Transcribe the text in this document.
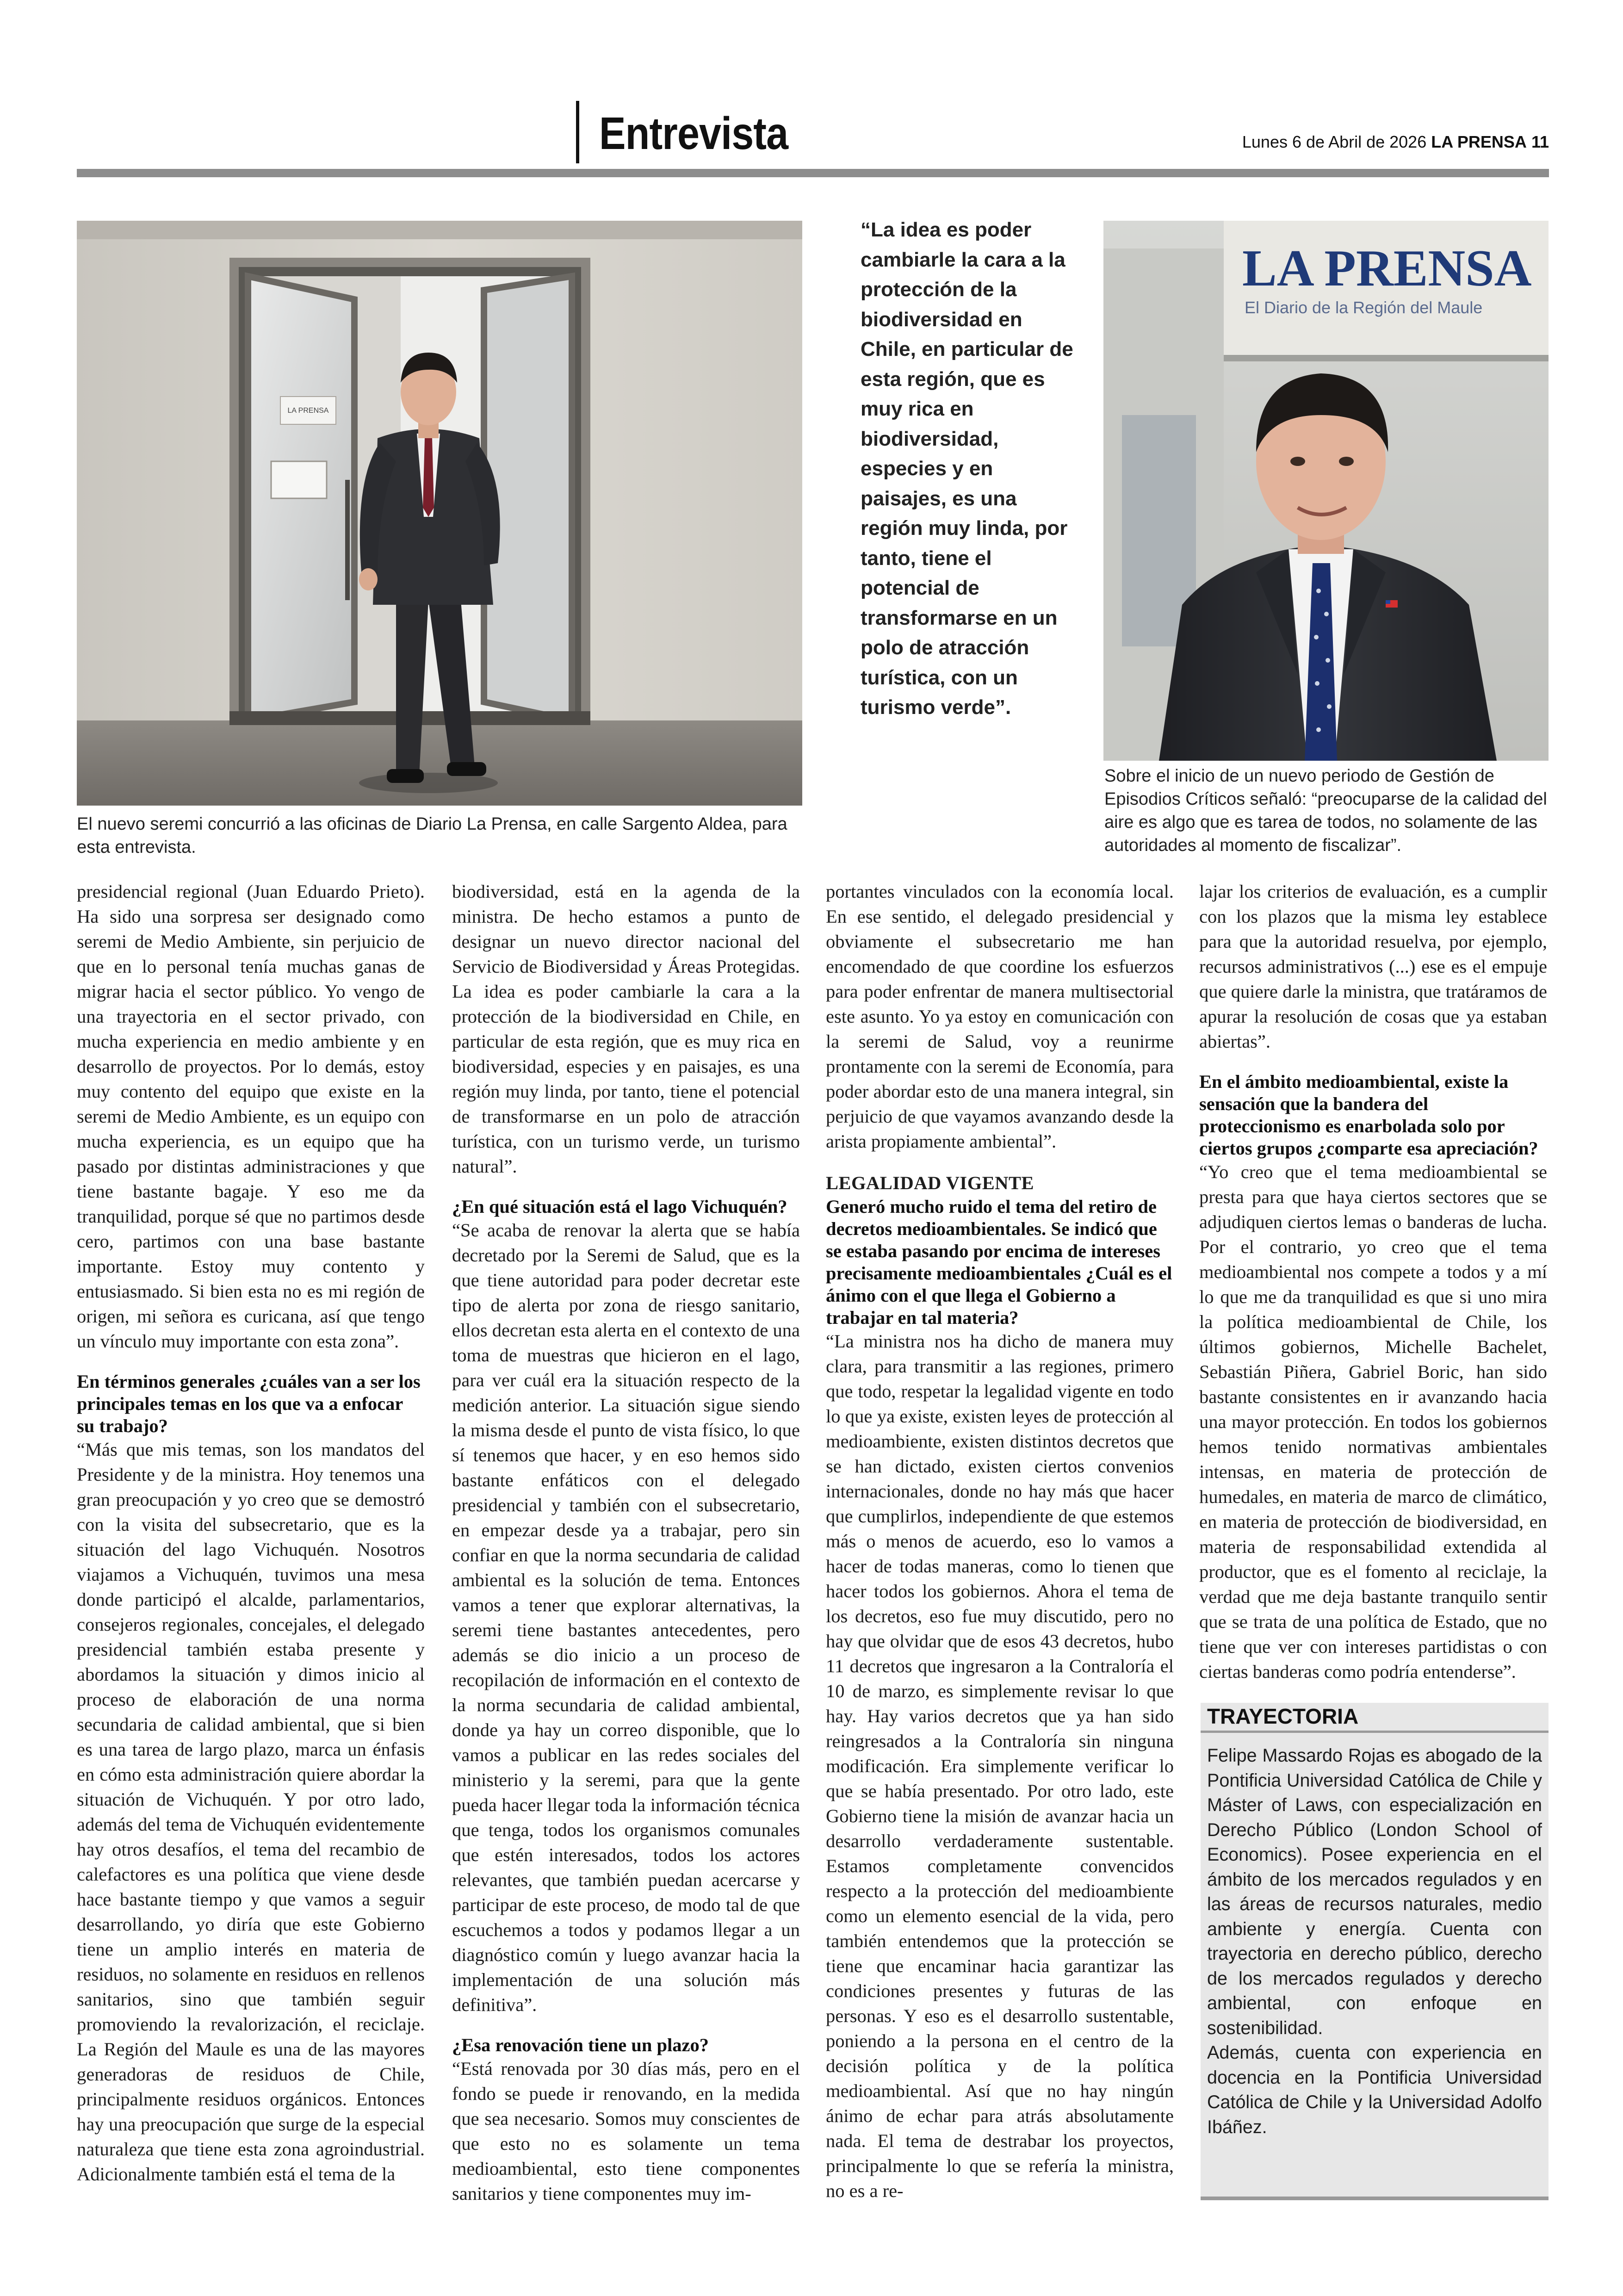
Entrevista	Lunes 6 de Abril de 2026 LA PRENSA 11
LA PRENSA
El nuevo seremi concurrió a las oficinas de Diario La Prensa, en calle Sargento Aldea, para esta entrevista.
“La idea es poder cambiarle la cara a la protección de la biodiversidad en Chile, en particular de esta región, que es muy rica en biodiversidad, especies y en paisajes, es una región muy linda, por tanto, tiene el potencial de transformarse en un polo de atracción turística, con un turismo verde”.
LA PRENSA
El Diario de la Región del Maule
Sobre el inicio de un nuevo periodo de Gestión de Episodios Críticos señaló: “preocuparse de la calidad del aire es algo que es tarea de todos, no solamente de las autoridades al momento de fiscalizar”.

presidencial regional (Juan Eduardo Prieto). Ha sido una sorpresa ser designado como seremi de Medio Ambiente, sin perjuicio de que en lo personal tenía muchas ganas de migrar hacia el sector público. Yo vengo de una trayectoria en el sector privado, con mucha experiencia en medio ambiente y en desarrollo de proyectos. Por lo demás, estoy muy contento del equipo que existe en la seremi de Medio Ambiente, es un equipo con mucha experiencia, es un equipo que ha pasado por distintas administraciones y que tiene bastante bagaje. Y eso me da tranquilidad, porque sé que no partimos desde cero, partimos con una base bastante importante. Estoy muy contento y entusiasmado. Si bien esta no es mi región de origen, mi señora es curicana, así que tengo un vínculo muy importante con esta zona”.

En términos generales ¿cuáles van a ser los principales temas en los que va a enfocar su trabajo?

“Más que mis temas, son los mandatos del Presidente y de la ministra. Hoy tenemos una gran preocupación y yo creo que se demostró con la visita del subsecretario, que es la situación del lago Vichuquén. Nosotros viajamos a Vichuquén, tuvimos una mesa donde participó el alcalde, parlamentarios, consejeros regionales, concejales, el delegado presidencial también estaba presente y abordamos la situación y dimos inicio al proceso de elaboración de una norma secundaria de calidad ambiental, que si bien es una tarea de largo plazo, marca un énfasis en cómo esta administración quiere abordar la situación de Vichuquén. Y por otro lado, además del tema de Vichuquén evidentemente hay otros desafíos, el tema del recambio de calefactores es una política que viene desde hace bastante tiempo y que vamos a seguir desarrollando, yo diría que este Gobierno tiene un amplio interés en materia de residuos, no solamente en residuos en rellenos sanitarios, sino que también seguir promoviendo la revalorización, el reciclaje. La Región del Maule es una de las mayores generadoras de residuos de Chile, principalmente residuos orgánicos. Entonces hay una preocupación que surge de la especial naturaleza que tiene esta zona agroindustrial. Adicionalmente también está el tema de la

biodiversidad, está en la agenda de la ministra. De hecho estamos a punto de designar un nuevo director nacional del Servicio de Biodiversidad y Áreas Protegidas. La idea es poder cambiarle la cara a la protección de la biodiversidad en Chile, en particular de esta región, que es muy rica en biodiversidad, especies y en paisajes, es una región muy linda, por tanto, tiene el potencial de transformarse en un polo de atracción turística, con un turismo verde, un turismo natural”.

¿En qué situación está el lago Vichuquén?

“Se acaba de renovar la alerta que se había decretado por la Seremi de Salud, que es la que tiene autoridad para poder decretar este tipo de alerta por zona de riesgo sanitario, ellos decretan esta alerta en el contexto de una toma de muestras que hicieron en el lago, para ver cuál era la situación respecto de la medición anterior. La situación sigue siendo la misma desde el punto de vista físico, lo que sí tenemos que hacer, y en eso hemos sido bastante enfáticos con el delegado presidencial y también con el subsecretario, en empezar desde ya a trabajar, pero sin confiar en que la norma secundaria de calidad ambiental es la solución de tema. Entonces vamos a tener que explorar alternativas, la seremi tiene bastantes antecedentes, pero además se dio inicio a un proceso de recopilación de información en el contexto de la norma secundaria de calidad ambiental, donde ya hay un correo disponible, que lo vamos a publicar en las redes sociales del ministerio y la seremi, para que la gente pueda hacer llegar toda la información técnica que tenga, todos los organismos comunales que estén interesados, todos los actores relevantes, que también puedan acercarse y participar de este proceso, de modo tal de que escuchemos a todos y podamos llegar a un diagnóstico común y luego avanzar hacia la implementación de una solución más definitiva”.

¿Esa renovación tiene un plazo?

“Está renovada por 30 días más, pero en el fondo se puede ir renovando, en la medida que sea necesario. Somos muy conscientes de que esto no es solamente un tema medioambiental, esto tiene componentes sanitarios y tiene componentes muy im-

portantes vinculados con la economía local. En ese sentido, el delegado presidencial y obviamente el subsecretario me han encomendado de que coordine los esfuerzos para poder enfrentar de manera multisectorial este asunto. Yo ya estoy en comunicación con la seremi de Salud, voy a reunirme prontamente con la seremi de Economía, para poder abordar esto de una manera integral, sin perjuicio de que vayamos avanzando desde la arista propiamente ambiental”.

LEGALIDAD VIGENTE

Generó mucho ruido el tema del retiro de decretos medioambientales. Se indicó que se estaba pasando por encima de intereses precisamente medioambientales ¿Cuál es el ánimo con el que llega el Gobierno a trabajar en tal materia?

“La ministra nos ha dicho de manera muy clara, para transmitir a las regiones, primero que todo, respetar la legalidad vigente en todo lo que ya existe, existen leyes de protección al medioambiente, existen distintos decretos que se han dictado, existen ciertos convenios internacionales, donde no hay más que hacer que cumplirlos, independiente de que estemos más o menos de acuerdo, eso lo vamos a hacer de todas maneras, como lo tienen que hacer todos los gobiernos. Ahora el tema de los decretos, eso fue muy discutido, pero no hay que olvidar que de esos 43 decretos, hubo 11 decretos que ingresaron a la Contraloría el 10 de marzo, es simplemente revisar lo que hay. Hay varios decretos que ya han sido reingresados a la Contraloría sin ninguna modificación. Era simplemente verificar lo que se había presentado. Por otro lado, este Gobierno tiene la misión de avanzar hacia un desarrollo verdaderamente sustentable. Estamos completamente convencidos respecto a la protección del medioambiente como un elemento esencial de la vida, pero también entendemos que la protección se tiene que encaminar hacia garantizar las condiciones presentes y futuras de las personas. Y eso es el desarrollo sustentable, poniendo a la persona en el centro de la decisión política y de la política medioambiental. Así que no hay ningún ánimo de echar para atrás absolutamente nada. El tema de destrabar los proyectos, principalmente lo que se refería la ministra, no es a re-

lajar los criterios de evaluación, es a cumplir con los plazos que la misma ley establece para que la autoridad resuelva, por ejemplo, recursos administrativos (...) ese es el empuje que quiere darle la ministra, que tratáramos de apurar la resolución de cosas que ya estaban abiertas”.

En el ámbito medioambiental, existe la sensación que la bandera del proteccionismo es enarbolada solo por ciertos grupos ¿comparte esa apreciación?

“Yo creo que el tema medioambiental se presta para que haya ciertos sectores que se adjudiquen ciertos lemas o banderas de lucha. Por el contrario, yo creo que el tema medioambiental nos compete a todos y a mí lo que me da tranquilidad es que si uno mira la política medioambiental de Chile, los últimos gobiernos, Michelle Bachelet, Sebastián Piñera, Gabriel Boric, han sido bastante consistentes en ir avanzando hacia una mayor protección. En todos los gobiernos hemos tenido normativas ambientales intensas, en materia de protección de humedales, en materia de marco de climático, en materia de protección de biodiversidad, en materia de responsabilidad extendida al productor, que es el fomento al reciclaje, la verdad que me deja bastante tranquilo sentir que se trata de una política de Estado, que no tiene que ver con intereses partidistas o con ciertas banderas como podría entenderse”.

TRAYECTORIA

Felipe Massardo Rojas es abogado de la Pontificia Universidad Católica de Chile y Máster of Laws, con especialización en Derecho Público (London School of Economics). Posee experiencia en el ámbito de los mercados regulados y en las áreas de recursos naturales, medio ambiente y energía. Cuenta con trayectoria en derecho público, derecho de los mercados regulados y derecho ambiental, con enfoque en sostenibilidad.

Además, cuenta con experiencia en docencia en la Pontificia Universidad Católica de Chile y la Universidad Adolfo Ibáñez.
